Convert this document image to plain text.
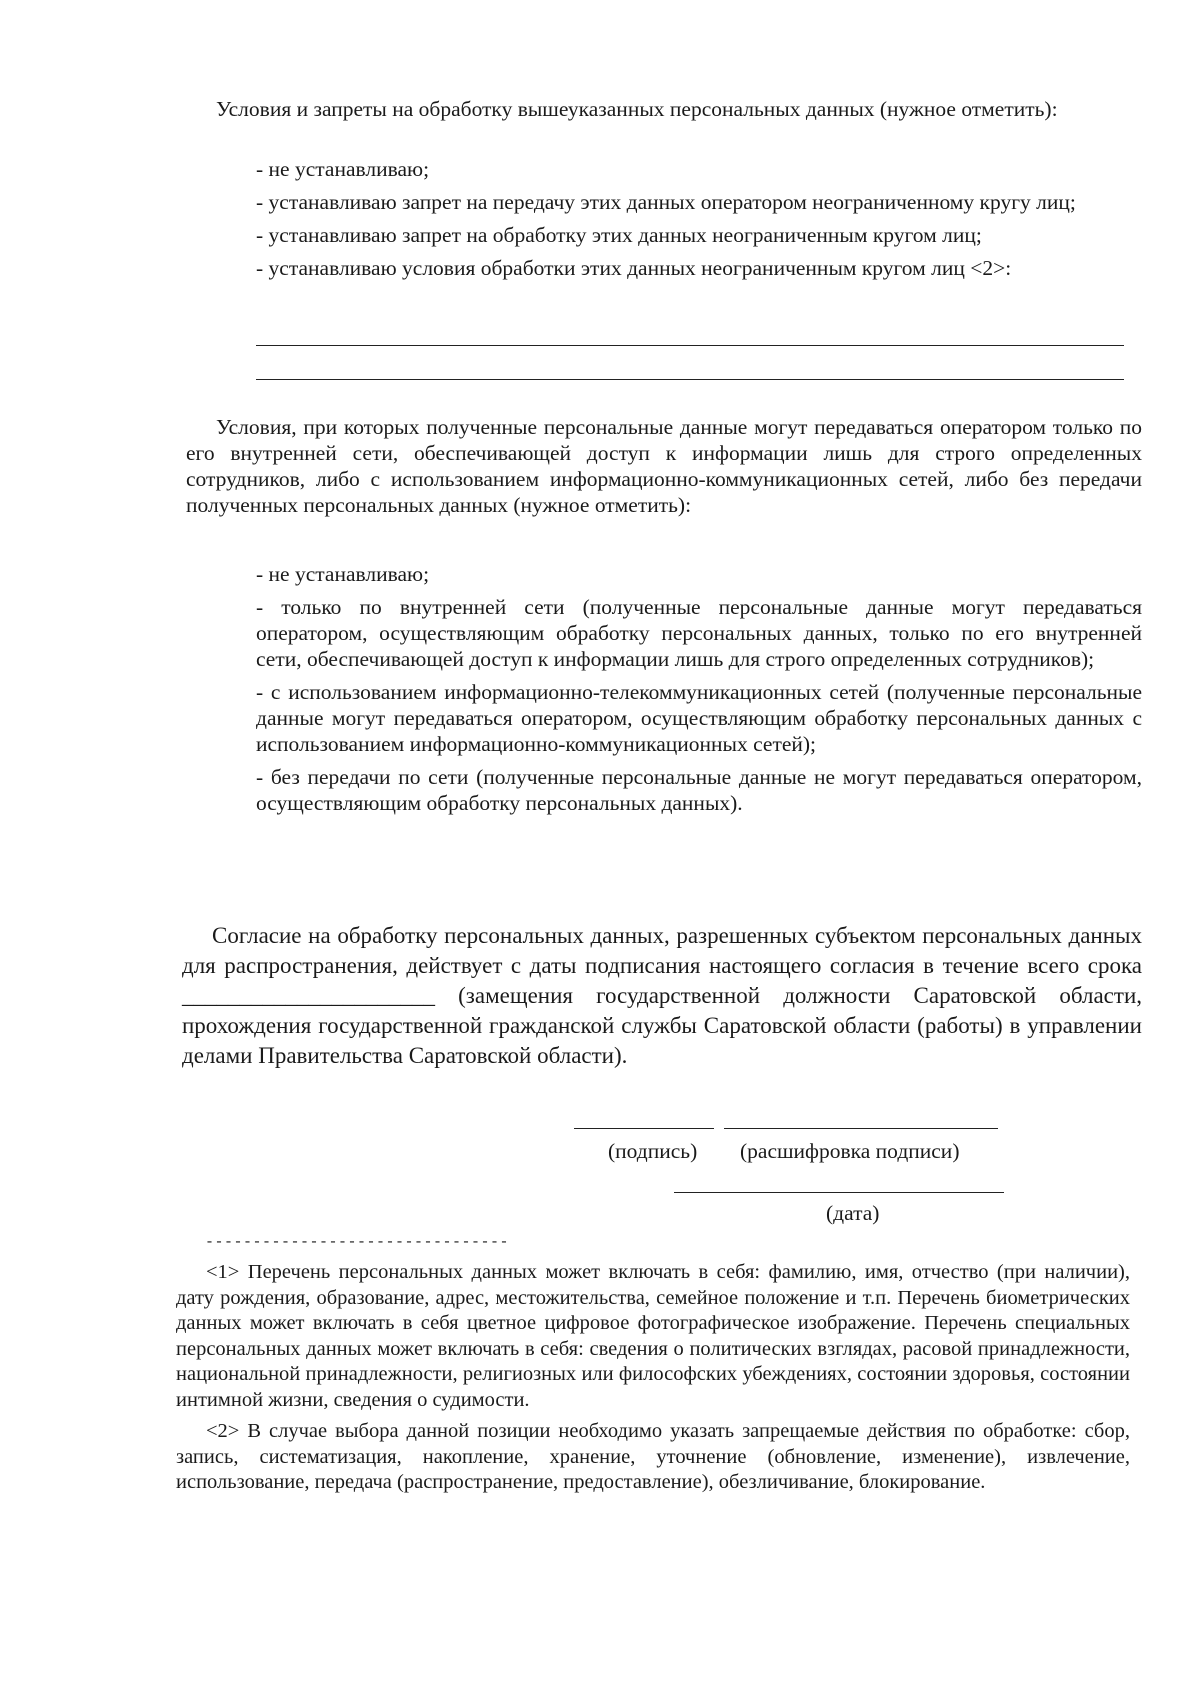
Условия и запреты на обработку вышеуказанных персональных данных (нужное отметить):

- не устанавливаю;

- устанавливаю запрет на передачу этих данных оператором неограниченному кругу лиц;

- устанавливаю запрет на обработку этих данных неограниченным кругом лиц;

- устанавливаю условия обработки этих данных неограниченным кругом лиц <2>:

Условия, при которых полученные персональные данные могут передаваться оператором только по его внутренней сети, обеспечивающей доступ к информации лишь для строго определенных сотрудников, либо с использованием информационно-коммуникационных сетей, либо без передачи полученных персональных данных (нужное отметить):

- не устанавливаю;

- только по внутренней сети (полученные персональные данные могут передаваться оператором, осуществляющим обработку персональных данных, только по его внутренней сети, обеспечивающей доступ к информации лишь для строго определенных сотрудников);

- с использованием информационно-телекоммуникационных сетей (полученные персональные данные могут передаваться оператором, осуществляющим обработку персональных данных с использованием информационно-коммуникационных сетей);

- без передачи по сети (полученные персональные данные не могут передаваться оператором, осуществляющим обработку персональных данных).

Согласие на обработку персональных данных, разрешенных субъектом персональных данных для распространения, действует с даты подписания настоящего согласия в течение всего срока ______________________ (замещения государственной должности Саратовской области, прохождения государственной гражданской службы Саратовской области (работы) в управлении делами Правительства Саратовской области).

(подпись) (расшифровка подписи)
(дата)
--------------------------------

<1> Перечень персональных данных может включать в себя: фамилию, имя, отчество (при наличии), дату рождения, образование, адрес, местожительства, семейное положение и т.п. Перечень биометрических данных может включать в себя цветное цифровое фотографическое изображение. Перечень специальных персональных данных может включать в себя: сведения о политических взглядах, расовой принадлежности, национальной принадлежности, религиозных или философских убеждениях, состоянии здоровья, состоянии интимной жизни, сведения о судимости.

<2> В случае выбора данной позиции необходимо указать запрещаемые действия по обработке: сбор, запись, систематизация, накопление, хранение, уточнение (обновление, изменение), извлечение, использование, передача (распространение, предоставление), обезличивание, блокирование.
